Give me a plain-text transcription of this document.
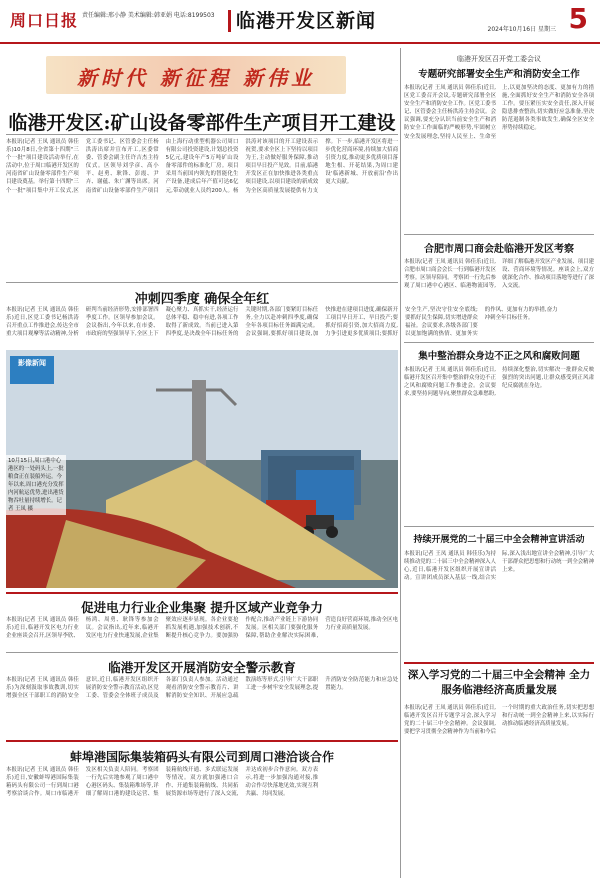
周口日报 责任编辑:邢小静 美术编辑:韩亚娟 电话:8199503 临港开发区新闻	2024年10月16日 星期三 5
新时代 新征程 新伟业
临港开发区:矿山设备零部件生产项目开工建设
本报讯(记者 王凤 通讯员 韩佳乐)10月8日,全省第十四期"三个一批"项目建设活动举行,在活动中,位于周口临港开发区的河南省矿山设备零部件生产项目建设奠基。举行第十四期"三个一批"项目集中开工仪式,区党工委书记、区管委会主任杨洪涛出席并宣布开工,区委常委、管委会副主任许吉杰主持仪式。区领导刘学彦、高小平、赵勇、耿锋、彭霞、尹卉、谢蕴、朱广渊等出席。河南省矿山设备零部件生产项目由上海行动重型机器公司周口有限公司投资建设,计划总投资5亿元,建设年产5万吨矿山设备零部件的标准化厂房。项目采用当前国内领先的智能化生产设备,建成后年产值可达6亿元,带动就业人员约200人。杨洪涛对该项目的开工建设表示祝贺,要求全区上下坚持以项目为王,主动做好服务保障,推动项目早日投产见效。目前,临港开发区正在加快推进各类重点项目建设,以项目建设的新成效为全区高质量发展提供有力支撑。下一步,临港开发区将进一步优化营商环境,持续加大招商引资力度,推动更多优质项目落地生根、开花结果,为周口建设'临港新城、开放前沿'作出更大贡献。
冲刺四季度 确保全年红
本报讯(记者 王凤 通讯员 韩佳乐)近日,区党工委书记杨洪涛召开重点工作推进会,传达全市重大项目观摩等活动精神,分析研判当前经济形势,安排部署四季度工作。区领导参加会议。会议指出,今年以来,在市委、市政府的坚强领导下,全区上下凝心聚力、真抓实干,经济运行总体平稳、稳中有进,各项工作取得了新成效。当前已进入第四季度,是决战全年目标任务的关键时期,各部门要紧盯目标任务,全力以赴冲刺四季度,确保全年各项目标任务圆满完成。会议强调,要抓好项目建设,加快推进在建项目进度,确保新开工项目早日开工、早日投产;要抓好招商引资,加大招商力度,力争引进更多优质项目;要抓好安全生产,坚决守住安全底线;要抓好民生保障,切实增进群众福祉。会议要求,各级各部门要以更加饱满的热情、更加务实的作风、更加有力的举措,奋力冲刺全年目标任务。
影像新闻
10月15日,周口港中心港区的一处码头上,一批粮食正在装船外运。今年以来,周口港充分发挥内河航运优势,进出港货物吞吐量持续增长。记者 王凤 摄
促进电力行业企业集聚 提升区域产业竞争力
本报讯(记者 王凤 通讯员 韩佳乐)近日,临港开发区电力行业企业座谈会召开,区领导李欣、杨鸿、周勇、耿锋等参加会议。会议指出,近年来,临港开发区电力行业快速发展,企业集聚效应逐步显现。各企业要抢抓发展机遇,加强技术创新,不断提升核心竞争力。要加强协作配合,推动产业链上下游协同发展。区相关部门要强化服务保障,帮助企业解决实际困难,营造良好营商环境,推动全区电力行业高质量发展。
临港开发区开展消防安全警示教育
本报讯(记者 王凤 通讯员 韩佳乐)为深刻汲取事故教训,切实增强全区干部职工的消防安全意识,近日,临港开发区组织开展消防安全警示教育活动,区党工委、管委会全体班子成员及各部门负责人参加。活动通过观看消防安全警示教育片、讲解消防安全知识、开展应急疏散演练等形式,引导广大干部职工进一步树牢安全发展理念,提升消防安全防范能力和应急处置能力。
蚌埠港国际集装箱码头有限公司到周口港洽谈合作
本报讯(记者 王凤 通讯员 韩佳乐)近日,安徽蚌埠港国际集装箱码头有限公司一行到周口港考察洽谈合作。周口市临港开发区相关负责人陪同。考察团一行先后实地参观了周口港中心港区码头、集装箱堆场等,详细了解周口港的建设运营、集装箱航线开通、多式联运发展等情况。双方就加强港口合作、开通集装箱航线、共同拓展货源市场等进行了深入交流,并达成初步合作意向。双方表示,将进一步加强沟通对接,推动合作尽快落地见效,实现互利共赢、共同发展。
临港开发区召开党工委会议
专题研究部署安全生产和消防安全工作
本报讯(记者 王凤 通讯员 韩佳乐)近日,区党工委召开会议,专题研究部署全区安全生产和消防安全工作。区党工委书记、区管委会主任杨洪涛主持会议。会议强调,要充分认识当前安全生产和消防安全工作面临的严峻形势,牢固树立安全发展理念,坚持人民至上、生命至上,以更加坚决的态度、更加有力的措施,全面抓好安全生产和消防安全各项工作。要压紧压实安全责任,深入开展隐患排查整治,切实做好应急准备,坚决防范遏制各类事故发生,确保全区安全形势持续稳定。
合肥市周口商会赴临港开发区考察
本报讯(记者 王凤 通讯员 韩佳乐)近日,合肥市周口商会会长一行到临港开发区考察。区领导陪同。考察团一行先后参观了周口港中心港区、临港物流园等,详细了解临港开发区产业发展、项目建设、营商环境等情况。座谈会上,双方就深化合作、推动项目落地等进行了深入交流。
集中整治群众身边不正之风和腐败问题
本报讯(记者 王凤 通讯员 韩佳乐)近日,临港开发区召开集中整治群众身边不正之风和腐败问题工作推进会。会议要求,要坚持问题导向,聚焦群众急难愁盼,持续深化整治,切实解决一批群众反映强烈的突出问题,让群众感受到正风肃纪反腐就在身边。
持续开展党的二十届三中全会精神宣讲活动
本报讯(记者 王凤 通讯员 韩佳乐)为持续推动党的二十届三中全会精神深入人心,近日,临港开发区组织开展宣讲活动。宣讲团成员深入基层一线,结合实际,深入浅出地宣讲全会精神,引导广大干部群众把思想和行动统一到全会精神上来。
深入学习党的二十届三中全会精神 全力服务临港经济高质量发展
本报讯(记者 王凤 通讯员 韩佳乐)近日,临港开发区召开专题学习会,深入学习党的二十届三中全会精神。会议强调,要把学习贯彻全会精神作为当前和今后一个时期的重大政治任务,切实把思想和行动统一到全会精神上来,以实际行动推动临港经济高质量发展。
